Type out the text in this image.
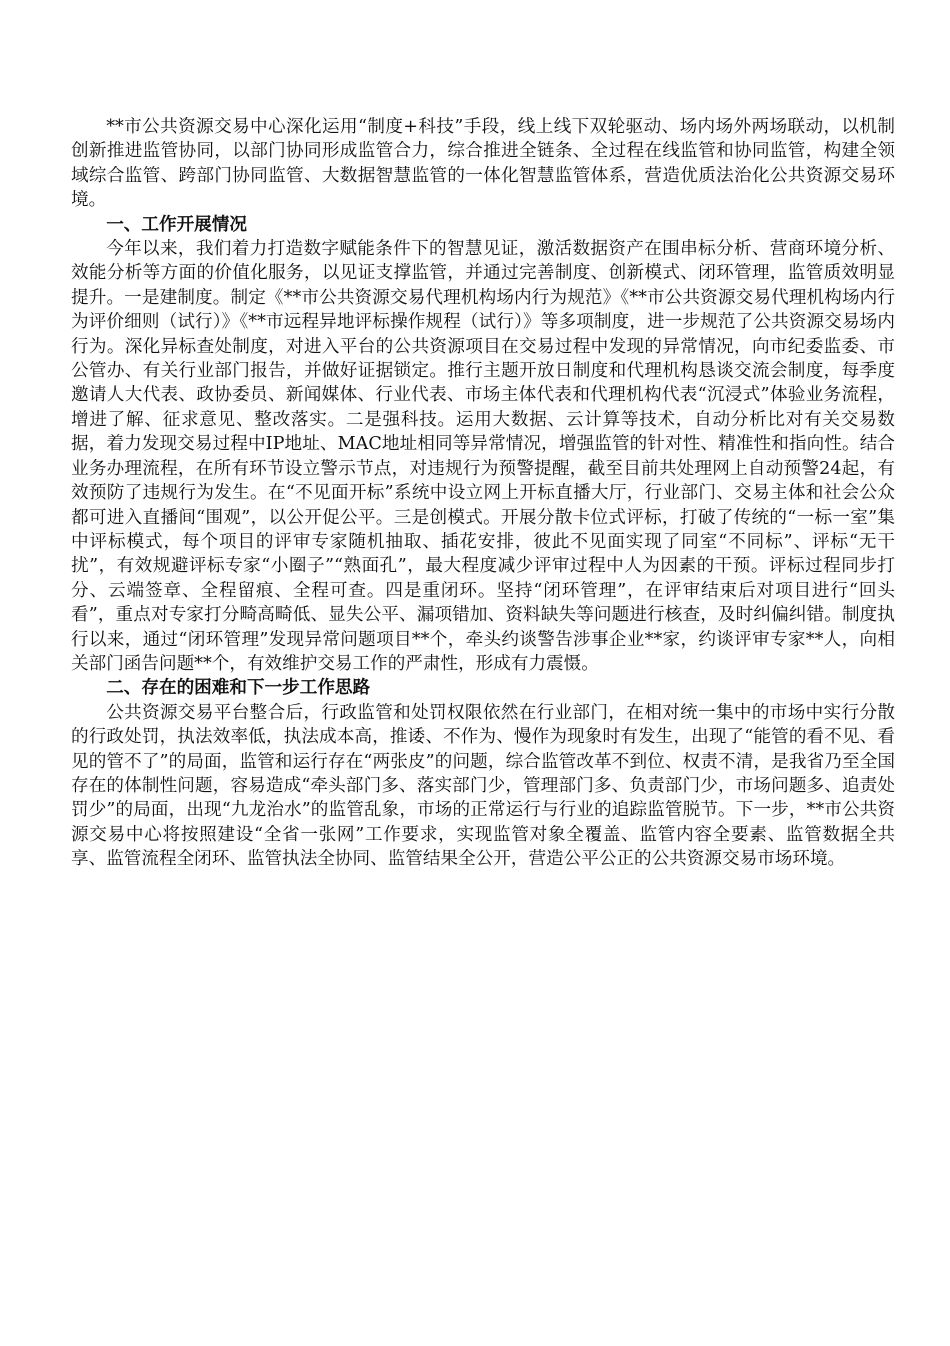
**市公共资源交易中心深化运用“制度+科技”手段，线上线下双轮驱动、场内场外两场联动，以机制创新推进监管协同，以部门协同形成监管合力，综合推进全链条、全过程在线监管和协同监管，构建全领域综合监管、跨部门协同监管、大数据智慧监管的一体化智慧监管体系，营造优质法治化公共资源交易环境。

一、工作开展情况

今年以来，我们着力打造数字赋能条件下的智慧见证，激活数据资产在围串标分析、营商环境分析、效能分析等方面的价值化服务，以见证支撑监管，并通过完善制度、创新模式、闭环管理，监管质效明显提升。一是建制度。制定《**市公共资源交易代理机构场内行为规范》《**市公共资源交易代理机构场内行为评价细则（试行）》《**市远程异地评标操作规程（试行）》等多项制度，进一步规范了公共资源交易场内行为。深化异标查处制度，对进入平台的公共资源项目在交易过程中发现的异常情况，向市纪委监委、市公管办、有关行业部门报告，并做好证据锁定。推行主题开放日制度和代理机构恳谈交流会制度，每季度邀请人大代表、政协委员、新闻媒体、行业代表、市场主体代表和代理机构代表“沉浸式”体验业务流程，增进了解、征求意见、整改落实。二是强科技。运用大数据、云计算等技术，自动分析比对有关交易数据，着力发现交易过程中IP地址、MAC地址相同等异常情况，增强监管的针对性、精准性和指向性。结合业务办理流程，在所有环节设立警示节点，对违规行为预警提醒，截至目前共处理网上自动预警24起，有效预防了违规行为发生。在“不见面开标”系统中设立网上开标直播大厅，行业部门、交易主体和社会公众都可进入直播间“围观”，以公开促公平。三是创模式。开展分散卡位式评标，打破了传统的“一标一室”集中评标模式，每个项目的评审专家随机抽取、插花安排，彼此不见面实现了同室“不同标”、评标“无干扰”，有效规避评标专家“小圈子”“熟面孔”，最大程度减少评审过程中人为因素的干预。评标过程同步打分、云端签章、全程留痕、全程可查。四是重闭环。坚持“闭环管理”，在评审结束后对项目进行“回头看”，重点对专家打分畸高畸低、显失公平、漏项错加、资料缺失等问题进行核查，及时纠偏纠错。制度执行以来，通过“闭环管理”发现异常问题项目**个，牵头约谈警告涉事企业**家，约谈评审专家**人，向相关部门函告问题**个，有效维护交易工作的严肃性，形成有力震慑。

二、存在的困难和下一步工作思路

公共资源交易平台整合后，行政监管和处罚权限依然在行业部门，在相对统一集中的市场中实行分散的行政处罚，执法效率低，执法成本高，推诿、不作为、慢作为现象时有发生，出现了“能管的看不见、看见的管不了”的局面，监管和运行存在“两张皮”的问题，综合监管改革不到位、权责不清，是我省乃至全国存在的体制性问题，容易造成“牵头部门多、落实部门少，管理部门多、负责部门少，市场问题多、追责处罚少”的局面，出现“九龙治水”的监管乱象，市场的正常运行与行业的追踪监管脱节。下一步，**市公共资源交易中心将按照建设“全省一张网”工作要求，实现监管对象全覆盖、监管内容全要素、监管数据全共享、监管流程全闭环、监管执法全协同、监管结果全公开，营造公平公正的公共资源交易市场环境。
